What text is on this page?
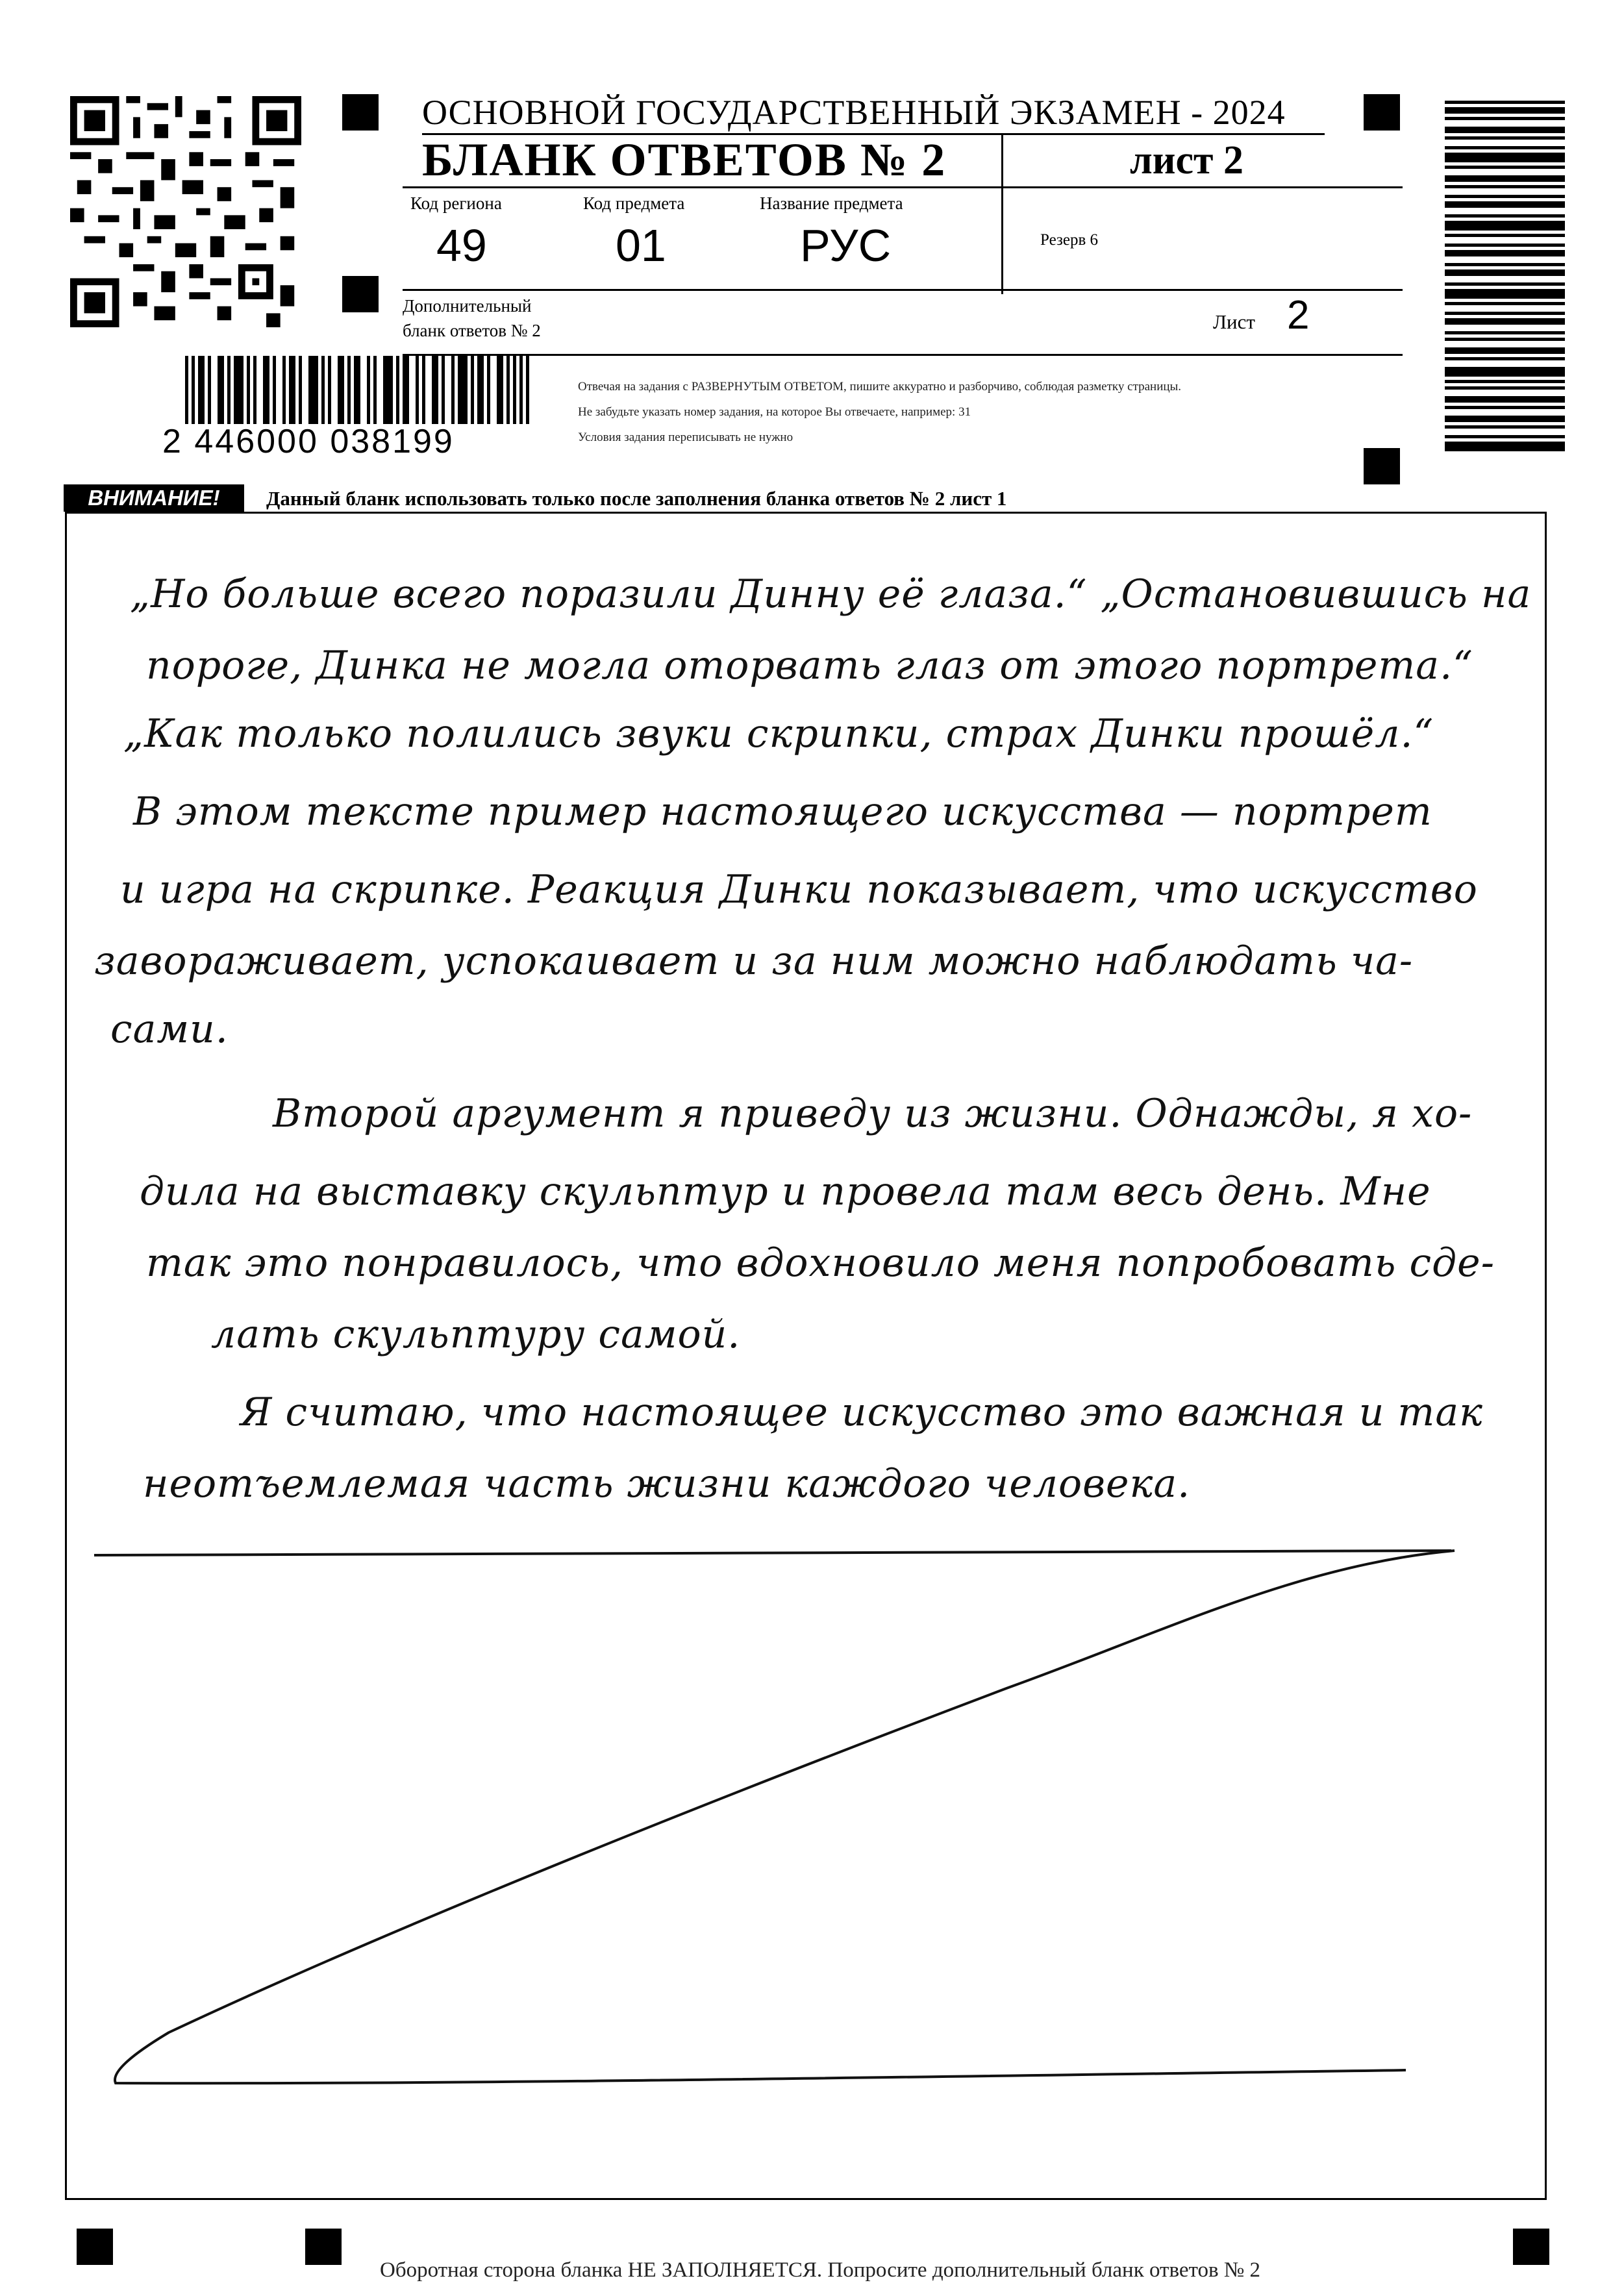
ОСНОВНОЙ ГОСУДАРСТВЕННЫЙ ЭКЗАМЕН - 2024
БЛАНК ОТВЕТОВ № 2	лист 2
Код региона
49
Код предмета
01
Название предмета
РУС	Резерв 6
Дополнительный
бланк ответов № 2	Лист 2
Отвечая на задания с РАЗВЕРНУТЫМ ОТВЕТОМ, пишите аккуратно и разборчиво, соблюдая разметку страницы.
Не забудьте указать номер задания, на которое Вы отвечаете, например: 31
Условия задания переписывать не нужно
2 446000 038199
ВНИМАНИЕ!	Данный бланк использовать только после заполнения бланка ответов № 2 лист 1
„Но больше всего поразили Динну её глаза.“ „Остановившись на
пороге, Динка не могла оторвать глаз от этого портрета.“
„Как только полились звуки скрипки, страх Динки прошёл.“
В этом тексте пример настоящего искусства — портрет
и игра на скрипке. Реакция Динки показывает, что искусство
завораживает, успокаивает и за ним можно наблюдать ча-
сами.
Второй аргумент я приведу из жизни. Однажды, я хо-
дила на выставку скульптур и провела там весь день. Мне
так это понравилось, что вдохновило меня попробовать сде-
лать скульптуру самой.
Я считаю, что настоящее искусство это важная и так
неотъемлемая часть жизни каждого человека.
Оборотная сторона бланка НЕ ЗАПОЛНЯЕТСЯ. Попросите дополнительный бланк ответов № 2
